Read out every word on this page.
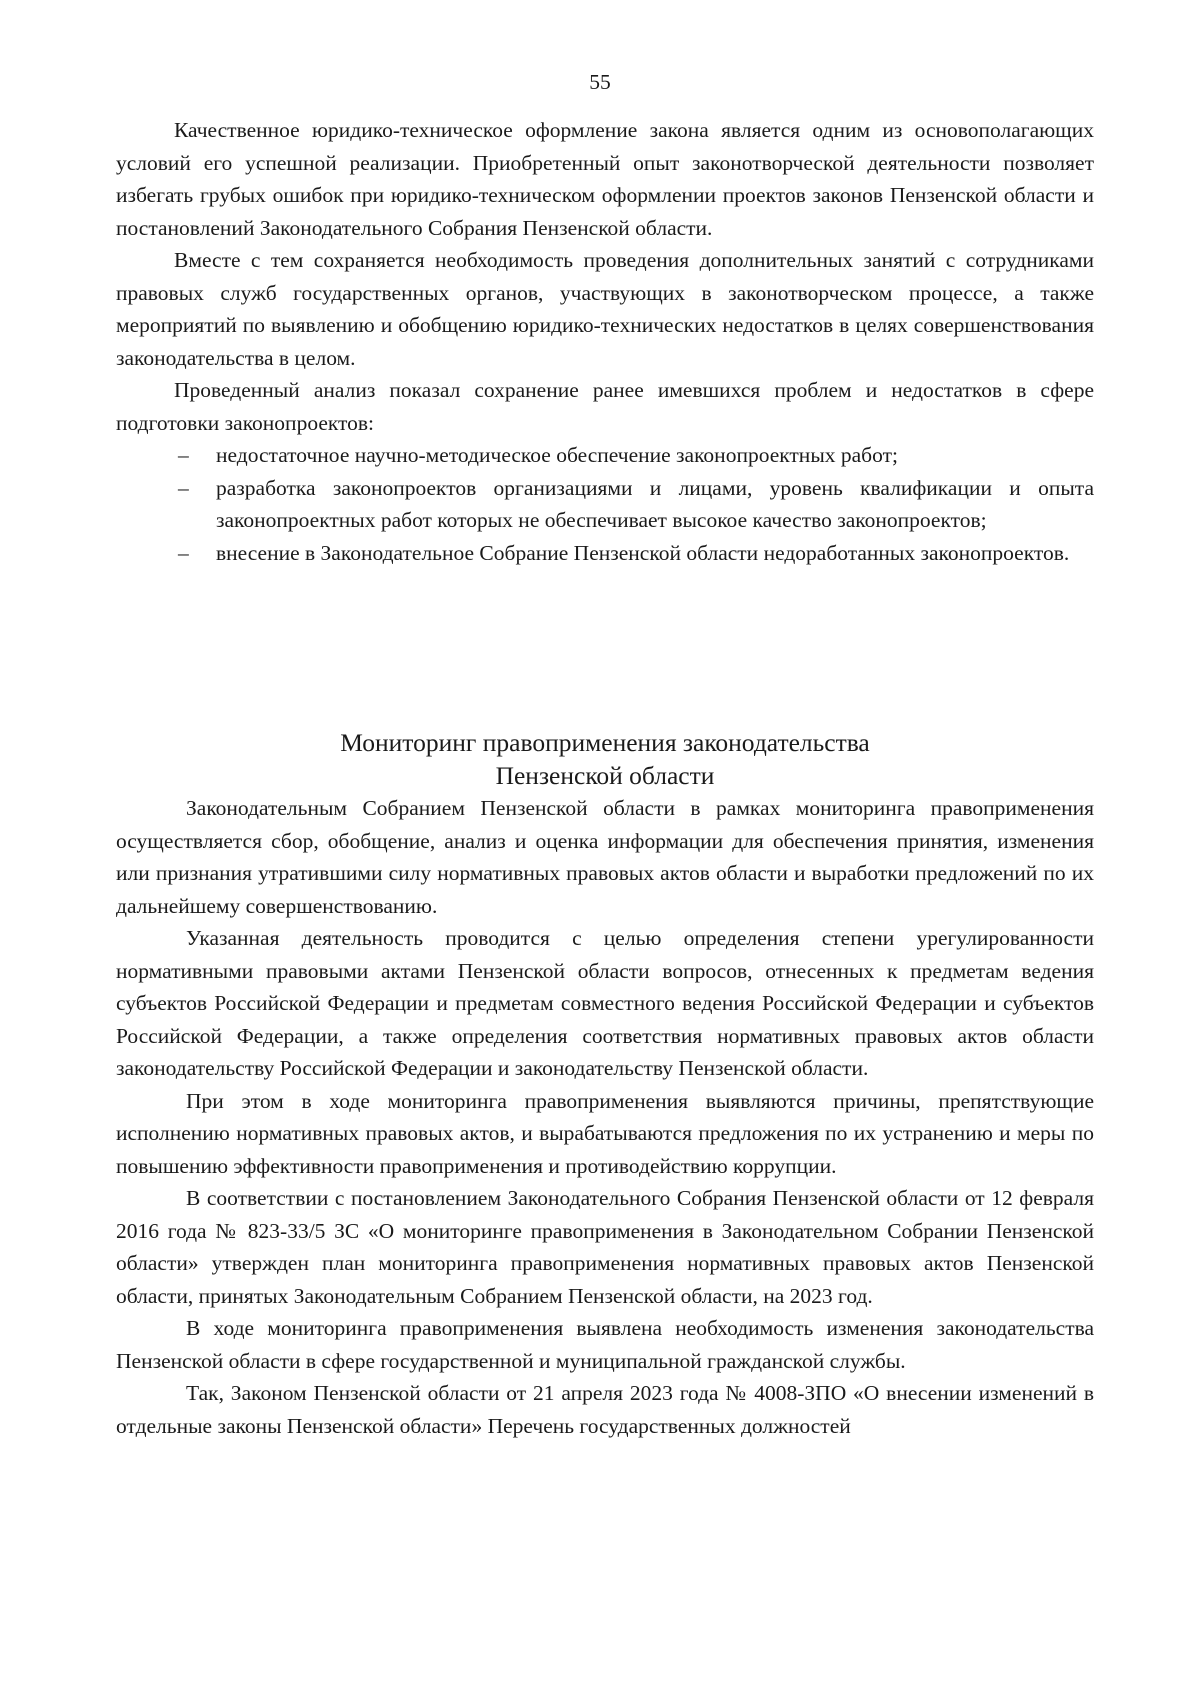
55

Качественное юридико-техническое оформление закона является одним из основополагающих условий его успешной реализации. Приобретенный опыт законотворческой деятельности позволяет избегать грубых ошибок при юридико-техническом оформлении проектов законов Пензенской области и постановлений Законодательного Собрания Пензенской области.

Вместе с тем сохраняется необходимость проведения дополнительных занятий с сотрудниками правовых служб государственных органов, участвующих в законотворческом процессе, а также мероприятий по выявлению и обобщению юридико-технических недостатков в целях совершенствования законодательства в целом.

Проведенный анализ показал сохранение ранее имевшихся проблем и недостатков в сфере подготовки законопроектов:

– недостаточное научно-методическое обеспечение законопроектных работ;
– разработка законопроектов организациями и лицами, уровень квалификации и опыта законопроектных работ которых не обеспечивает высокое качество законопроектов;
– внесение в Законодательное Собрание Пензенской области недоработанных законопроектов.
Мониторинг правоприменения законодательства
Пензенской области

Законодательным Собранием Пензенской области в рамках мониторинга правоприменения осуществляется сбор, обобщение, анализ и оценка информации для обеспечения принятия, изменения или признания утратившими силу нормативных правовых актов области и выработки предложений по их дальнейшему совершенствованию.

Указанная деятельность проводится с целью определения степени урегулированности нормативными правовыми актами Пензенской области вопросов, отнесенных к предметам ведения субъектов Российской Федерации и предметам совместного ведения Российской Федерации и субъектов Российской Федерации, а также определения соответствия нормативных правовых актов области законодательству Российской Федерации и законодательству Пензенской области.

При этом в ходе мониторинга правоприменения выявляются причины, препятствующие исполнению нормативных правовых актов, и вырабатываются предложения по их устранению и меры по повышению эффективности правоприменения и противодействию коррупции.

В соответствии с постановлением Законодательного Собрания Пензенской области от 12 февраля 2016 года № 823-33/5 ЗС «О мониторинге правоприменения в Законодательном Собрании Пензенской области» утвержден план мониторинга правоприменения нормативных правовых актов Пензенской области, принятых Законодательным Собранием Пензенской области, на 2023 год.

В ходе мониторинга правоприменения выявлена необходимость изменения законодательства Пензенской области в сфере государственной и муниципальной гражданской службы.

Так, Законом Пензенской области от 21 апреля 2023 года № 4008-ЗПО «О внесении изменений в отдельные законы Пензенской области» Перечень государственных должностей
